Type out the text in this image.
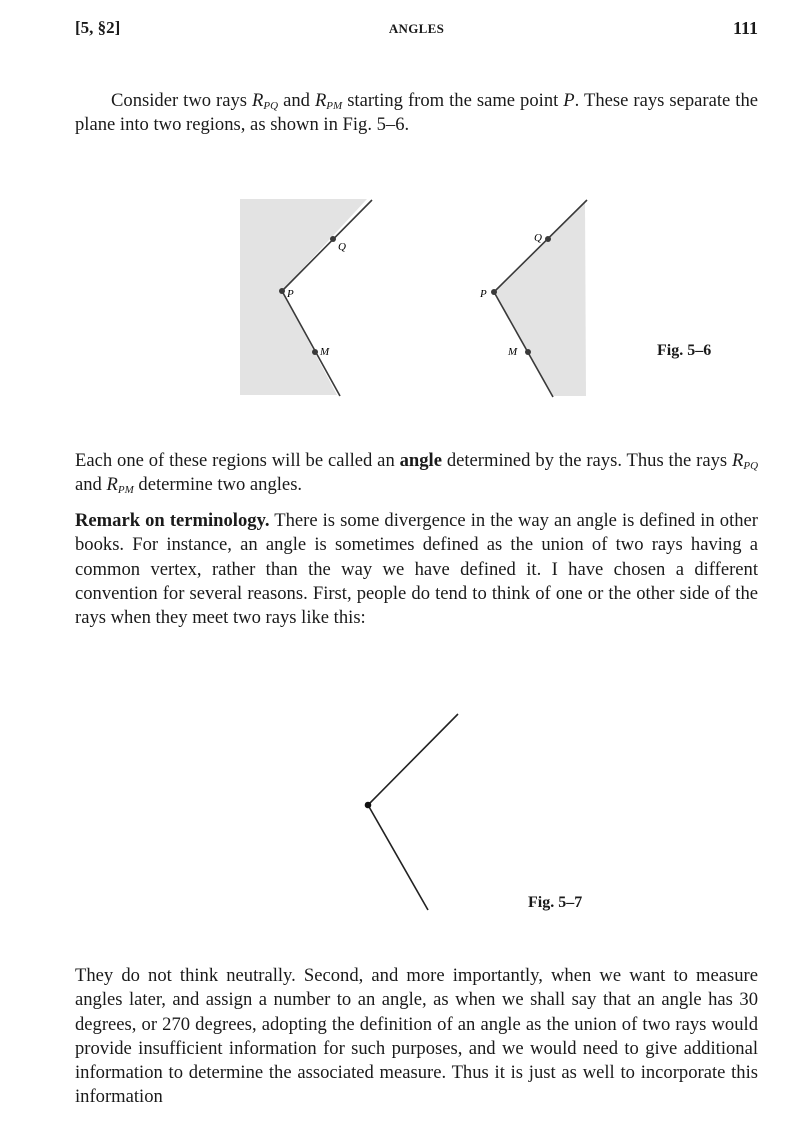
[5, §2]	ANGLES	111

Consider two rays $R_{PQ}$ and $R_{PM}$ starting from the same point P. These rays separate the plane into two regions, as shown in Fig. 5–6.

P
Q
M
P
Q
M	Fig. 5–6

Each one of these regions will be called an angle determined by the rays. Thus the rays $R_{PQ}$ and $R_{PM}$ determine two angles.

Remark on terminology. There is some divergence in the way an angle is defined in other books. For instance, an angle is sometimes defined as the union of two rays having a common vertex, rather than the way we have defined it. I have chosen a different convention for several reasons. First, people do tend to think of one or the other side of the rays when they meet two rays like this:

Fig. 5–7

They do not think neutrally. Second, and more importantly, when we want to measure angles later, and assign a number to an angle, as when we shall say that an angle has 30 degrees, or 270 degrees, adopting the definition of an angle as the union of two rays would provide insufficient information for such purposes, and we would need to give additional information to determine the associated measure. Thus it is just as well to incorporate this information
